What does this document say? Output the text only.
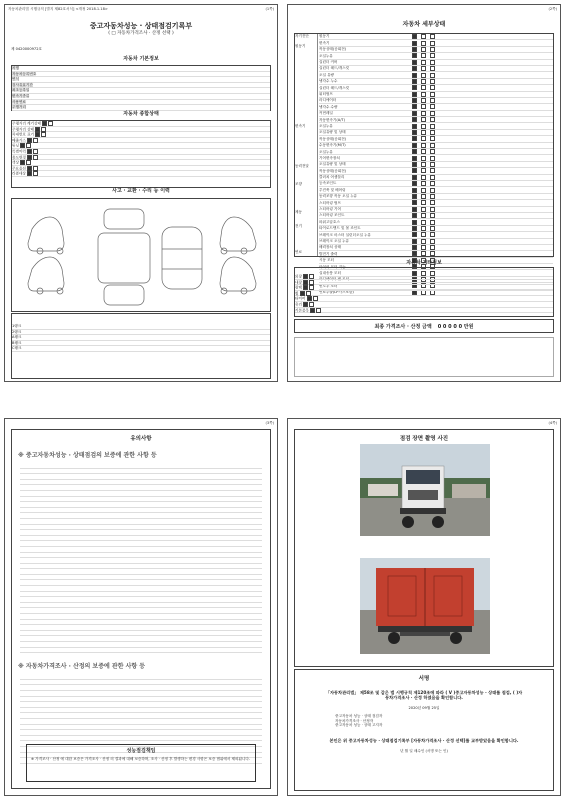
자동차관리법 시행규칙 [별지 제82호서식] <개정 2018.1.18>	(1쪽)
중고자동차성능 · 상태점검기록부
( □ 자동차가격조사 · 산정 선택 )
제 0420000972호
자동차 기본정보
차명
자동차등록번호
연식
검사유효기간
최초등록일
변속기종류
사용연료
주행거리
자동차 종합상태
주행거리 계기상태
주행거리 상태
차대번호 표기
배출가스
튜닝
특별이력
용도변경
색상
주요옵션
리콜대상
사고 · 교환 · 수리 등 이력
1랭크
2랭크
A랭크
B랭크
C랭크
(2쪽)
자동차 세부상태
자기진단
원동기
변속기
동력전달
조향
제동
전기
연료
원동기
변속기
작동상태(공회전)
오일누유
실린더 커버
실린더 헤드/개스킷
오일 유량
냉각수 누수
실린더 헤드/개스킷
워터펌프
라디에이터
냉각수 수량
커먼레일
자동변속기(A/T)
오일누유
오일유량 및 상태
작동상태(공회전)
수동변속기(M/T)
오일누유
기어변속장치
오일유량 및 상태
작동상태(공회전)
클러치 어셈블리
등속조인트
추진축 및 베어링
동력조향 작동 오일 누유
스티어링 펌프
스티어링 기어
스티어링 조인트
파워고압호스
타이로드엔드 및 볼 조인트
브레이크 마스터 실린더오일 누유
브레이크 오일 누유
배력장치 상태
발전기 출력
시동 모터
와이퍼 모터 기능
실내송풍 모터
라디에이터 팬 모터
윈도우 모터
연료누출(LP가스포함)
자동차 기타정보
외장
내장
광택
휠
타이어
유리
기본품목
최종 가격조사 · 산정 금액 0 0 0 0 0 만원
(3쪽)
유의사항
※ 중고자동차성능 · 상태점검의 보증에 관한 사항 등
※ 자동차가격조사 · 산정의 보증에 관한 사항 등
성능점검책임
※ 가격조사 · 산정 에 대한 보증은 가격조사 · 산정 의 결과에 대해 보증하며, 조사 · 산정 후 발생하는 변경 사항은 보증 범위에서 제외됩니다.
(4쪽)
점검 장면 촬영 사진
서명
「자동차관리법」 제58조 및 같은 법 시행규칙 제120조에 따라 ( V )중고자동차성능 · 상태를 점검, ( )자동차가격조사 · 산정 하였음을 확인합니다.
2020년 09월 25일
중고자동차 성능 · 상태 점검자
자동차가격조사 · 산정자
중고자동차 성능 · 상태 고지자
본인은 위 중고자동차성능 · 상태점검기록부 [자동차가격조사 · 산정 선택]를 교부받았음을 확인합니다.
년 월 일 매수인 (서명 또는 인)
